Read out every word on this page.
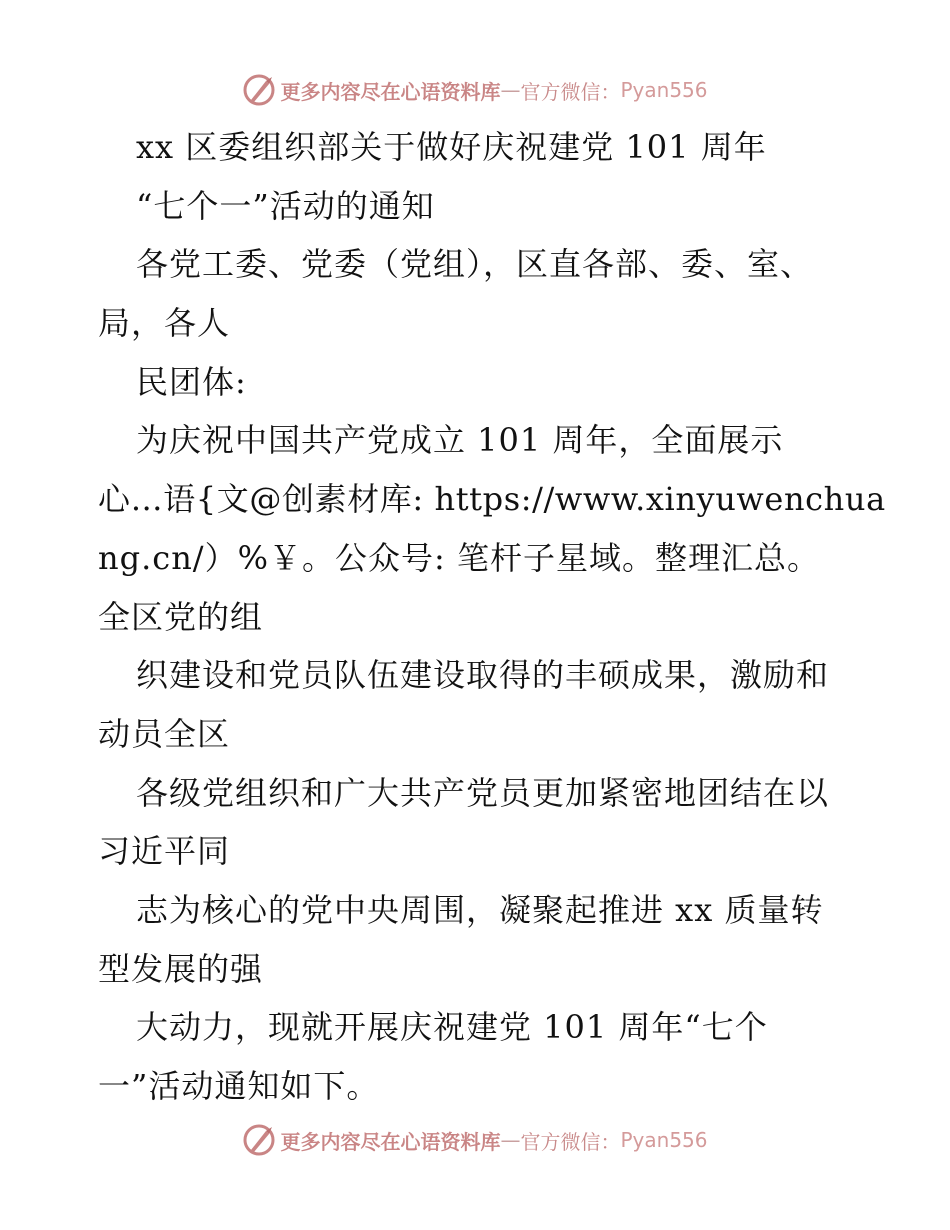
更多内容尽在心语资料库 — 官方微信： Pyan556
xx 区委组织部关于做好庆祝建党 101 周年
“七个一”活动的通知
各党工委、党委（党组），区直各部、委、室、
局，各人
民团体:
为庆祝中国共产党成立 101 周年，全面展示
心…语{文@创素材库: https://www.xinyuwenchua
ng.cn/）%￥。公众号: 笔杆子星域。整理汇总。
全区党的组
织建设和党员队伍建设取得的丰硕成果，激励和
动员全区
各级党组织和广大共产党员更加紧密地团结在以
习近平同
志为核心的党中央周围，凝聚起推进 xx 质量转
型发展的强
大动力，现就开展庆祝建党 101 周年“七个
一”活动通知如下。
更多内容尽在心语资料库 — 官方微信： Pyan556
